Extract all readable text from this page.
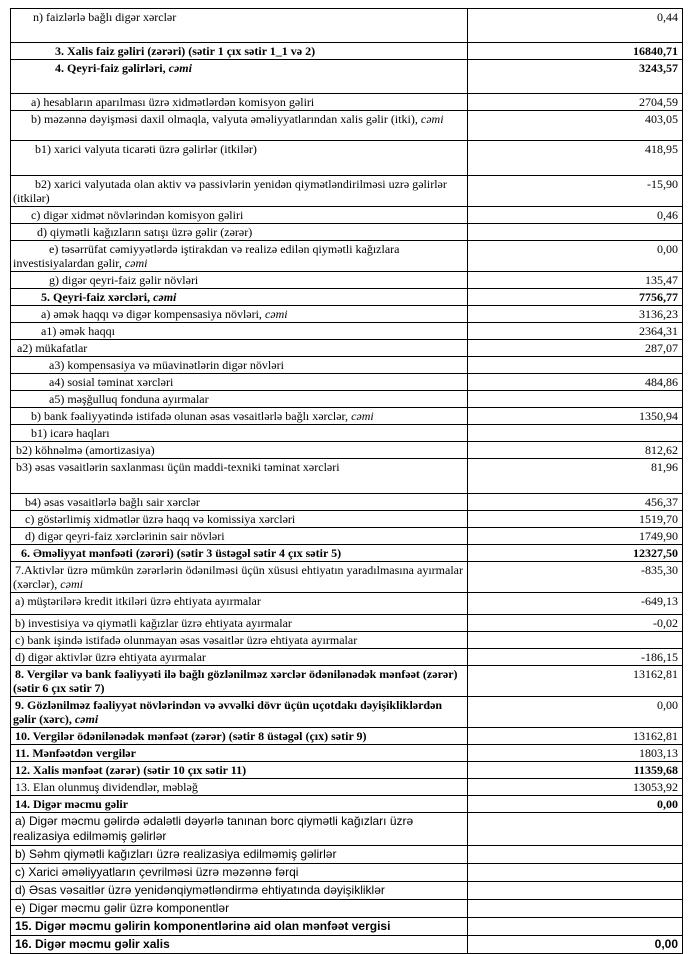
n) faizlərlə bağlı digər xərclər	0,44
3. Xalis faiz gəliri (zərəri) (sətir 1 çıx sətir 1_1 və 2)	16840,71
4. Qeyri-faiz gəlirləri, cəmi	3243,57
a) hesabların aparılması üzrə xidmətlərdən komisyon gəliri	2704,59
b) məzənnə dəyişməsi daxil olmaqla, valyuta əməliyyatlarından xalis gəlir (itki), cəmi	403,05
b1) xarici valyuta ticarəti üzrə gəlirlər (itkilər)	418,95
b2) xarici valyutada olan aktiv və passivlərin yenidən qiymətləndirilməsi uzrə gəlirlər (itkilər)	-15,90
c) digər xidmət növlərindən komisyon gəliri	0,46
d) qiymətli kağızların satışı üzrə gəlir (zərər)	
e) təsərrüfat cəmiyyətlərdə iştirakdan və realizə edilən qiymətli kağızlara investisiyalardan gəlir, cəmi	0,00
g) digər qeyri-faiz gəlir növləri	135,47
5. Qeyri-faiz xərcləri, cəmi	7756,77
a) əmək haqqı və digər kompensasiya növləri, cəmi	3136,23
a1) əmək haqqı	2364,31
a2) mükafatlar	287,07
a3) kompensasiya və müavinətlərin digər növləri	
a4) sosial təminat xərcləri	484,86
a5) məşğulluq fonduna ayırmalar	
b) bank fəaliyyətində istifadə olunan əsas vəsaitlərlə bağlı xərclər, cəmi	1350,94
b1) icarə haqları	
b2) köhnəlmə (amortizasiya)	812,62
b3) əsas vəsaitlərin saxlanması üçün maddi-texniki təminat xərcləri	81,96
b4) əsas vəsaitlərlə bağlı sair xərclər	456,37
c) göstərlimiş xidmətlər üzrə haqq və komissiya xərcləri	1519,70
d) digər qeyri-faiz xərclərinin sair növləri	1749,90
6. Əməliyyat mənfəəti (zərəri) (sətir 3 üstəgəl sətir 4 çıx sətir 5)	12327,50
7.Aktivlər üzrə mümkün zərərlərin ödənilməsi üçün xüsusi ehtiyatın yaradılmasına ayırmalar (xərclər), cəmi	-835,30
a) müştərilərə kredit itkiləri üzrə ehtiyata ayırmalar	-649,13
b) investisiya və qiymətli kağızlar üzrə ehtiyata ayırmalar	-0,02
c) bank işində istifadə olunmayan əsas vəsaitlər üzrə ehtiyata ayırmalar	
d) digər aktivlər üzrə ehtiyata ayırmalar	-186,15
8. Vergilər və bank fəaliyyəti ilə bağlı gözlənilməz xərclər ödənilənədək mənfəət (zərər) (sətir 6 çıx sətir 7)	13162,81
9. Gözlənilməz fəaliyyət növlərindən və əvvəlki dövr üçün uçotdakı dəyişikliklərdən gəlir (xərc), cəmi	0,00
10. Vergilər ödənilənədək mənfəət (zərər) (sətir 8 üstəgəl (çıx) sətir 9)	13162,81
11. Mənfəətdən vergilər	1803,13
12. Xalis mənfəət (zərər) (sətir 10 çıx sətir 11)	11359,68
13. Elan olunmuş dividendlər, məbləğ	13053,92
14. Digər məcmu gəlir	0,00
a) Digər məcmu gəlirdə ədalətli dəyərlə tanınan borc qiymətli kağızları üzrə realizasiya edilməmiş gəlirlər	
b) Səhm qiymətli kağızları üzrə realizasiya edilməmiş gəlirlər	
c) Xarici əməliyyatların çevrilməsi üzrə məzənnə fərqi	
d) Əsas vəsaitlər üzrə yenidənqiymətləndirmə ehtiyatında dəyişikliklər	
e) Digər məcmu gəlir üzrə komponentlər	
15. Digər məcmu gəlirin komponentlərinə aid olan mənfəət vergisi	
16. Digər məcmu gəlir xalis	0,00
